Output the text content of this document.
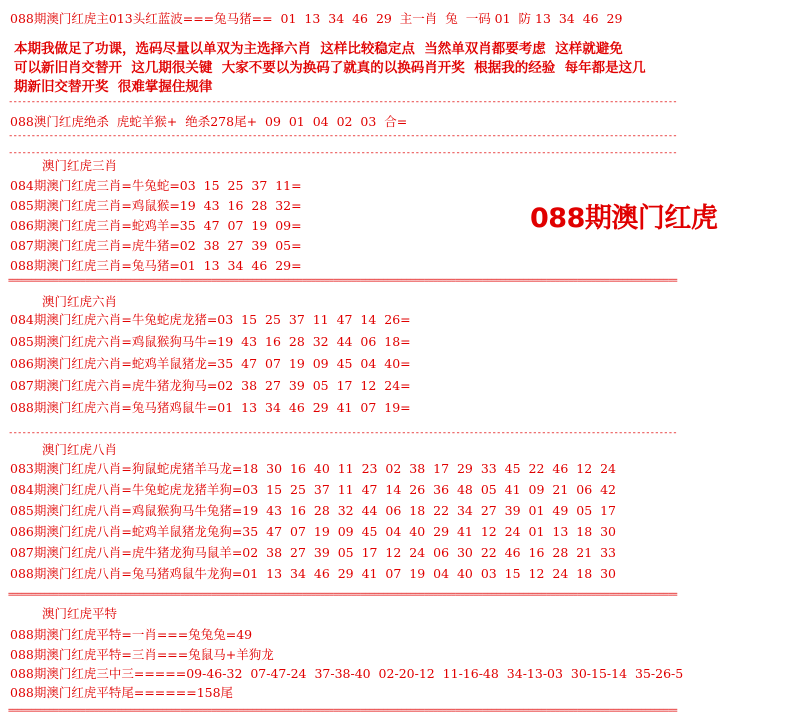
088期澳门红虎主013头红蓝波===兔马猪==  01  13  34  46  29  主一肖  兔  一码 01  防 13  34  46  29
本期我做足了功课，选码尽量以单双为主选择六肖  这样比较稳定点  当然单双肖都要考虑  这样就避免
可以新旧肖交替开  这几期很关键  大家不要以为换码了就真的以换码肖开奖  根据我的经验  每年都是这几
期新旧交替开奖  很难掌握住规律
----------------------------------------------------------------------------------------------------------------------------------------------------
088澳门红虎绝杀  虎蛇羊猴+  绝杀278尾+  09  01  04  02  03  合=
----------------------------------------------------------------------------------------------------------------------------------------------------
----------------------------------------------------------------------------------------------------------------------------------------------------
澳门红虎三肖
084期澳门红虎三肖=牛兔蛇=03  15  25  37  11=
085期澳门红虎三肖=鸡鼠猴=19  43  16  28  32=
086期澳门红虎三肖=蛇鸡羊=35  47  07  19  09=
087期澳门红虎三肖=虎牛猪=02  38  27  39  05=
088期澳门红虎三肖=兔马猪=01  13  34  46  29=
088期澳门红虎
====================================================================================================================================================
澳门红虎六肖
084期澳门红虎六肖=牛兔蛇虎龙猪=03  15  25  37  11  47  14  26=
085期澳门红虎六肖=鸡鼠猴狗马牛=19  43  16  28  32  44  06  18=
086期澳门红虎六肖=蛇鸡羊鼠猪龙=35  47  07  19  09  45  04  40=
087期澳门红虎六肖=虎牛猪龙狗马=02  38  27  39  05  17  12  24=
088期澳门红虎六肖=兔马猪鸡鼠牛=01  13  34  46  29  41  07  19=
----------------------------------------------------------------------------------------------------------------------------------------------------
澳门红虎八肖
083期澳门红虎八肖=狗鼠蛇虎猪羊马龙=18  30  16  40  11  23  02  38  17  29  33  45  22  46  12  24
084期澳门红虎八肖=牛兔蛇虎龙猪羊狗=03  15  25  37  11  47  14  26  36  48  05  41  09  21  06  42
085期澳门红虎八肖=鸡鼠猴狗马牛兔猪=19  43  16  28  32  44  06  18  22  34  27  39  01  49  05  17
086期澳门红虎八肖=蛇鸡羊鼠猪龙兔狗=35  47  07  19  09  45  04  40  29  41  12  24  01  13  18  30
087期澳门红虎八肖=虎牛猪龙狗马鼠羊=02  38  27  39  05  17  12  24  06  30  22  46  16  28  21  33
088期澳门红虎八肖=兔马猪鸡鼠牛龙狗=01  13  34  46  29  41  07  19  04  40  03  15  12  24  18  30
====================================================================================================================================================
澳门红虎平特
088期澳门红虎平特=一肖===兔兔兔=49
088期澳门红虎平特=三肖===兔鼠马+羊狗龙
088期澳门红虎三中三=====09-46-32  07-47-24  37-38-40  02-20-12  11-16-48  34-13-03  30-15-14  35-26-5
088期澳门红虎平特尾======158尾
====================================================================================================================================================
